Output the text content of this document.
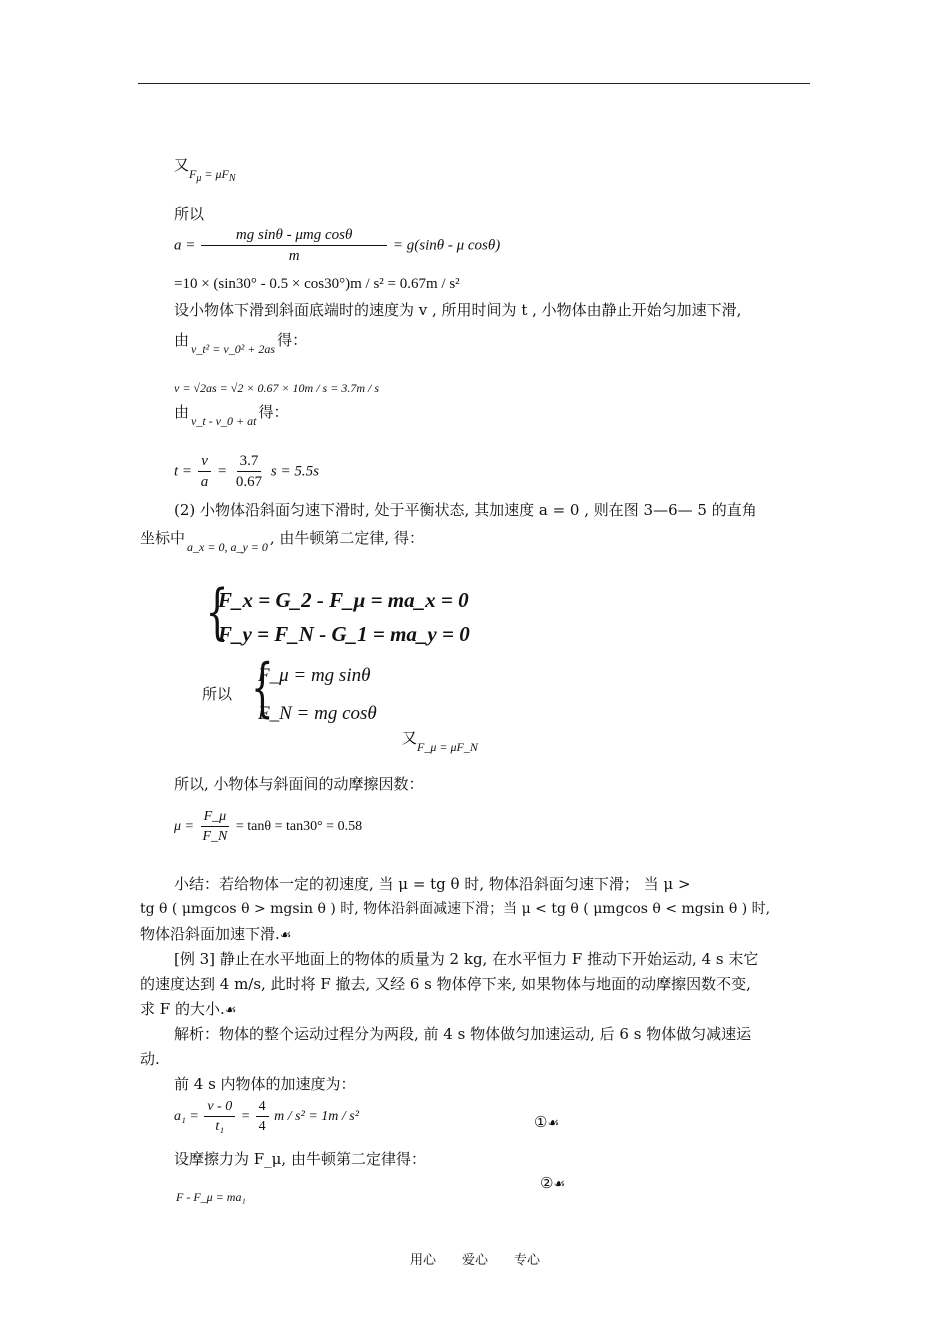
又$_{F_\mu = \mu F_N}$
所以
$a = \frac{\text{mg sinθ - μmg cosθ}}{m} = g(\sin\theta - \mu$ cosθ)
=10 × (sin30° - 0.5 × cos30°)m / s² = 0.67m / s²
设小物体下滑到斜面底端时的速度为 v , 所用时间为 t , 小物体由静止开始匀加速下滑,
由 $_{v\_t^2 = v\_0^2 + 2as}$ 得：
v = √2as = √2 × 0.67 × 10m / s = 3.7m / s
由 $_{v\_t - v\_0 + at}$ 得：
$t = \frac{v}{a} = \frac{3.7}{0.67}$ s = 5.5s
(2) 小物体沿斜面匀速下滑时, 处于平衡状态, 其加速度 a = 0 , 则在图 3—6— 5 的直角
坐标中 $_{a\_x = 0, a\_y = 0}$ , 由牛顿第二定律, 得：
{
F_x = G_2 - F_μ = ma_x = 0
F_y = F_N - G_1 = ma_y = 0
所以 {
F_μ = mg sinθ
F_N = mg cosθ
又$_{F\_\mu = \mu F\_N}$
所以, 小物体与斜面间的动摩擦因数：
$\mu = \frac{F\_\mu}{F\_N} = \tan\theta = \tan 30^\circ = 0.58$
小结：若给物体一定的初速度, 当 μ = tg θ 时, 物体沿斜面匀速下滑； 当 μ >
tg θ ( μmgcos θ > mgsin θ ) 时, 物体沿斜面减速下滑；当 μ < tg θ ( μmgcos θ < mgsin θ ) 时,
物体沿斜面加速下滑.☙
[例 3] 静止在水平地面上的物体的质量为 2 kg, 在水平恒力 F 推动下开始运动, 4 s 末它
的速度达到 4 m/s, 此时将 F 撤去, 又经 6 s 物体停下来, 如果物体与地面的动摩擦因数不变,
求 F 的大小.☙
解析：物体的整个运动过程分为两段, 前 4 s 物体做匀加速运动, 后 6 s 物体做匀减速运
动.
前 4 s 内物体的加速度为：
$a_1 = \frac{v - 0}{\text{t₁}} = \frac{4}{4}$ m / s² = 1m / s²	①☙
设摩擦力为 F_μ, 由牛顿第二定律得：
F - F_μ = ma₁
②☙
用心　　爱心　　专心
